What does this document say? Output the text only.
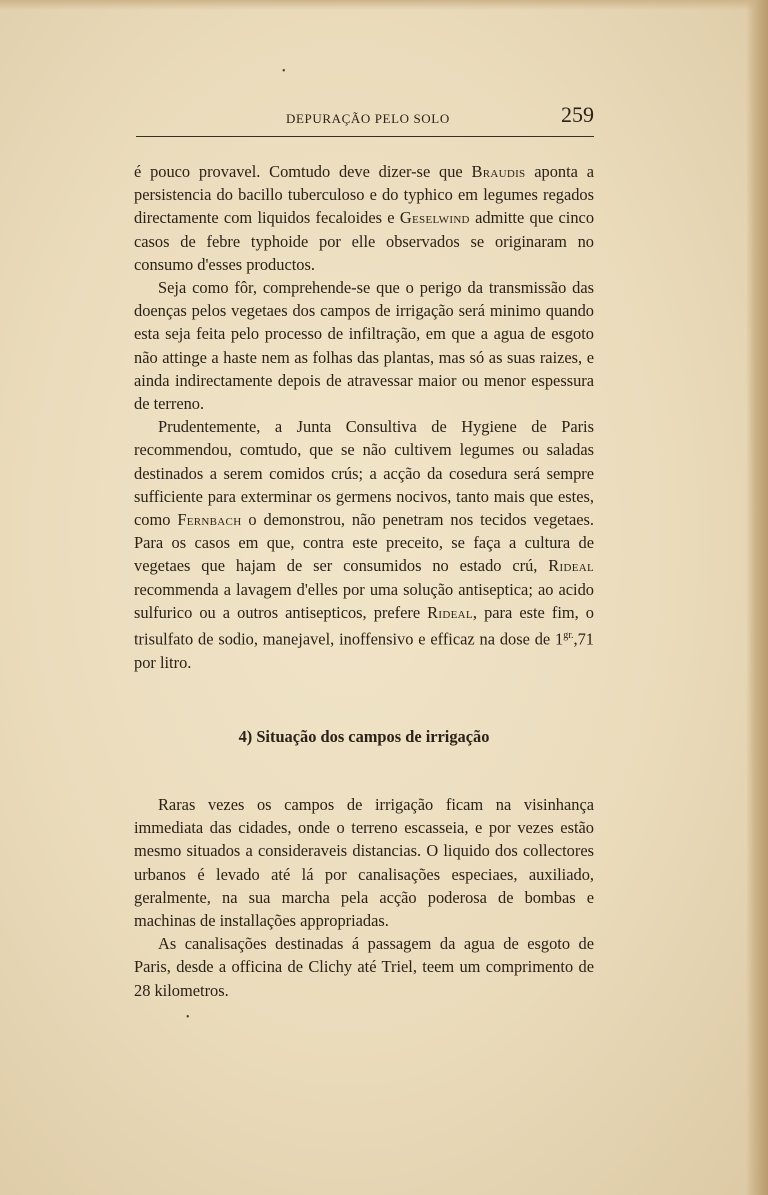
DEPURAÇÃO PELO SOLO	259

é pouco provavel. Comtudo deve dizer-se que Braudis aponta a persistencia do bacillo tuberculoso e do typhico em legumes regados directamente com liquidos fecaloides e Geselwind admitte que cinco casos de febre typhoide por elle observados se originaram no consumo d'esses productos.

Seja como fôr, comprehende-se que o perigo da transmissão das doenças pelos vegetaes dos campos de irrigação será minimo quando esta seja feita pelo processo de infiltração, em que a agua de esgoto não attinge a haste nem as folhas das plantas, mas só as suas raizes, e ainda indirectamente depois de atravessar maior ou menor espessura de terreno.

Prudentemente, a Junta Consultiva de Hygiene de Paris recommendou, comtudo, que se não cultivem legumes ou saladas destinados a serem comidos crús; a acção da cosedura será sempre sufficiente para exterminar os germens nocivos, tanto mais que estes, como Fernbach o demonstrou, não penetram nos tecidos vegetaes. Para os casos em que, contra este preceito, se faça a cultura de vegetaes que hajam de ser consumidos no estado crú, Rideal recommenda a lavagem d'elles por uma solução antiseptica; ao acido sulfurico ou a outros antisepticos, prefere Rideal, para este fim, o trisulfato de sodio, manejavel, inoffensivo e efficaz na dose de $1^{gr.},71$ por litro.

4) Situação dos campos de irrigação

Raras vezes os campos de irrigação ficam na visinhança immediata das cidades, onde o terreno escasseia, e por vezes estão mesmo situados a consideraveis distancias. O liquido dos collectores urbanos é levado até lá por canalisações especiaes, auxiliado, geralmente, na sua marcha pela acção poderosa de bombas e machinas de installações appropriadas.

As canalisações destinadas á passagem da agua de esgoto de Paris, desde a officina de Clichy até Triel, teem um comprimento de 28 kilometros.

•
•
